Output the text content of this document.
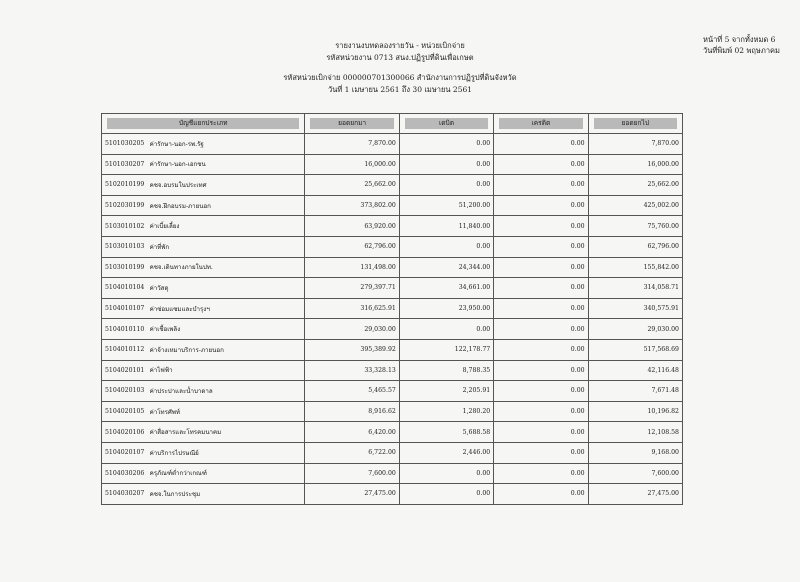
หน้าที่ 5 จากทั้งหมด 6
วันที่พิมพ์ 02 พฤษภาคม
รายงานงบทดลองรายวัน - หน่วยเบิกจ่าย
รหัสหน่วยงาน 0713 สนง.ปฏิรูปที่ดินเพื่อเกษต
รหัสหน่วยเบิกจ่าย 000000701300066 สำนักงานการปฏิรูปที่ดินจังหวัด
วันที่ 1 เมษายน 2561 ถึง 30 เมษายน 2561
บัญชีแยกประเภท		ยอดยกมา	เดบิต	เครดิต	ยอดยกไป

5101030205	ค่ารักษา-นอก-รพ.รัฐ	7,870.00	0.00	0.00	7,870.00
5101030207	ค่ารักษา-นอก-เอกชน	16,000.00	0.00	0.00	16,000.00
5102010199	คชจ.อบรมในประเทศ	25,662.00	0.00	0.00	25,662.00
5102030199	คชจ.ฝึกอบรม-ภายนอก	373,802.00	51,200.00	0.00	425,002.00
5103010102	ค่าเบี้ยเลี้ยง	63,920.00	11,840.00	0.00	75,760.00
5103010103	ค่าที่พัก	62,796.00	0.00	0.00	62,796.00
5103010199	คชจ.เดินทางภายในปท.	131,498.00	24,344.00	0.00	155,842.00
5104010104	ค่าวัสดุ	279,397.71	34,661.00	0.00	314,058.71
5104010107	ค่าซ่อมแซมและบำรุงฯ	316,625.91	23,950.00	0.00	340,575.91
5104010110	ค่าเชื้อเพลิง	29,030.00	0.00	0.00	29,030.00
5104010112	ค่าจ้างเหมาบริการ-ภายนอก	395,389.92	122,178.77	0.00	517,568.69
5104020101	ค่าไฟฟ้า	33,328.13	8,788.35	0.00	42,116.48
5104020103	ค่าประปาและน้ำบาดาล	5,465.57	2,205.91	0.00	7,671.48
5104020105	ค่าโทรศัพท์	8,916.62	1,280.20	0.00	10,196.82
5104020106	ค่าสื่อสารและโทรคมนาคม	6,420.00	5,688.58	0.00	12,108.58
5104020107	ค่าบริการไปรษณีย์	6,722.00	2,446.00	0.00	9,168.00
5104030206	ครุภัณฑ์ต่ำกว่าเกณฑ์	7,600.00	0.00	0.00	7,600.00
5104030207	คชจ.ในการประชุม	27,475.00	0.00	0.00	27,475.00
